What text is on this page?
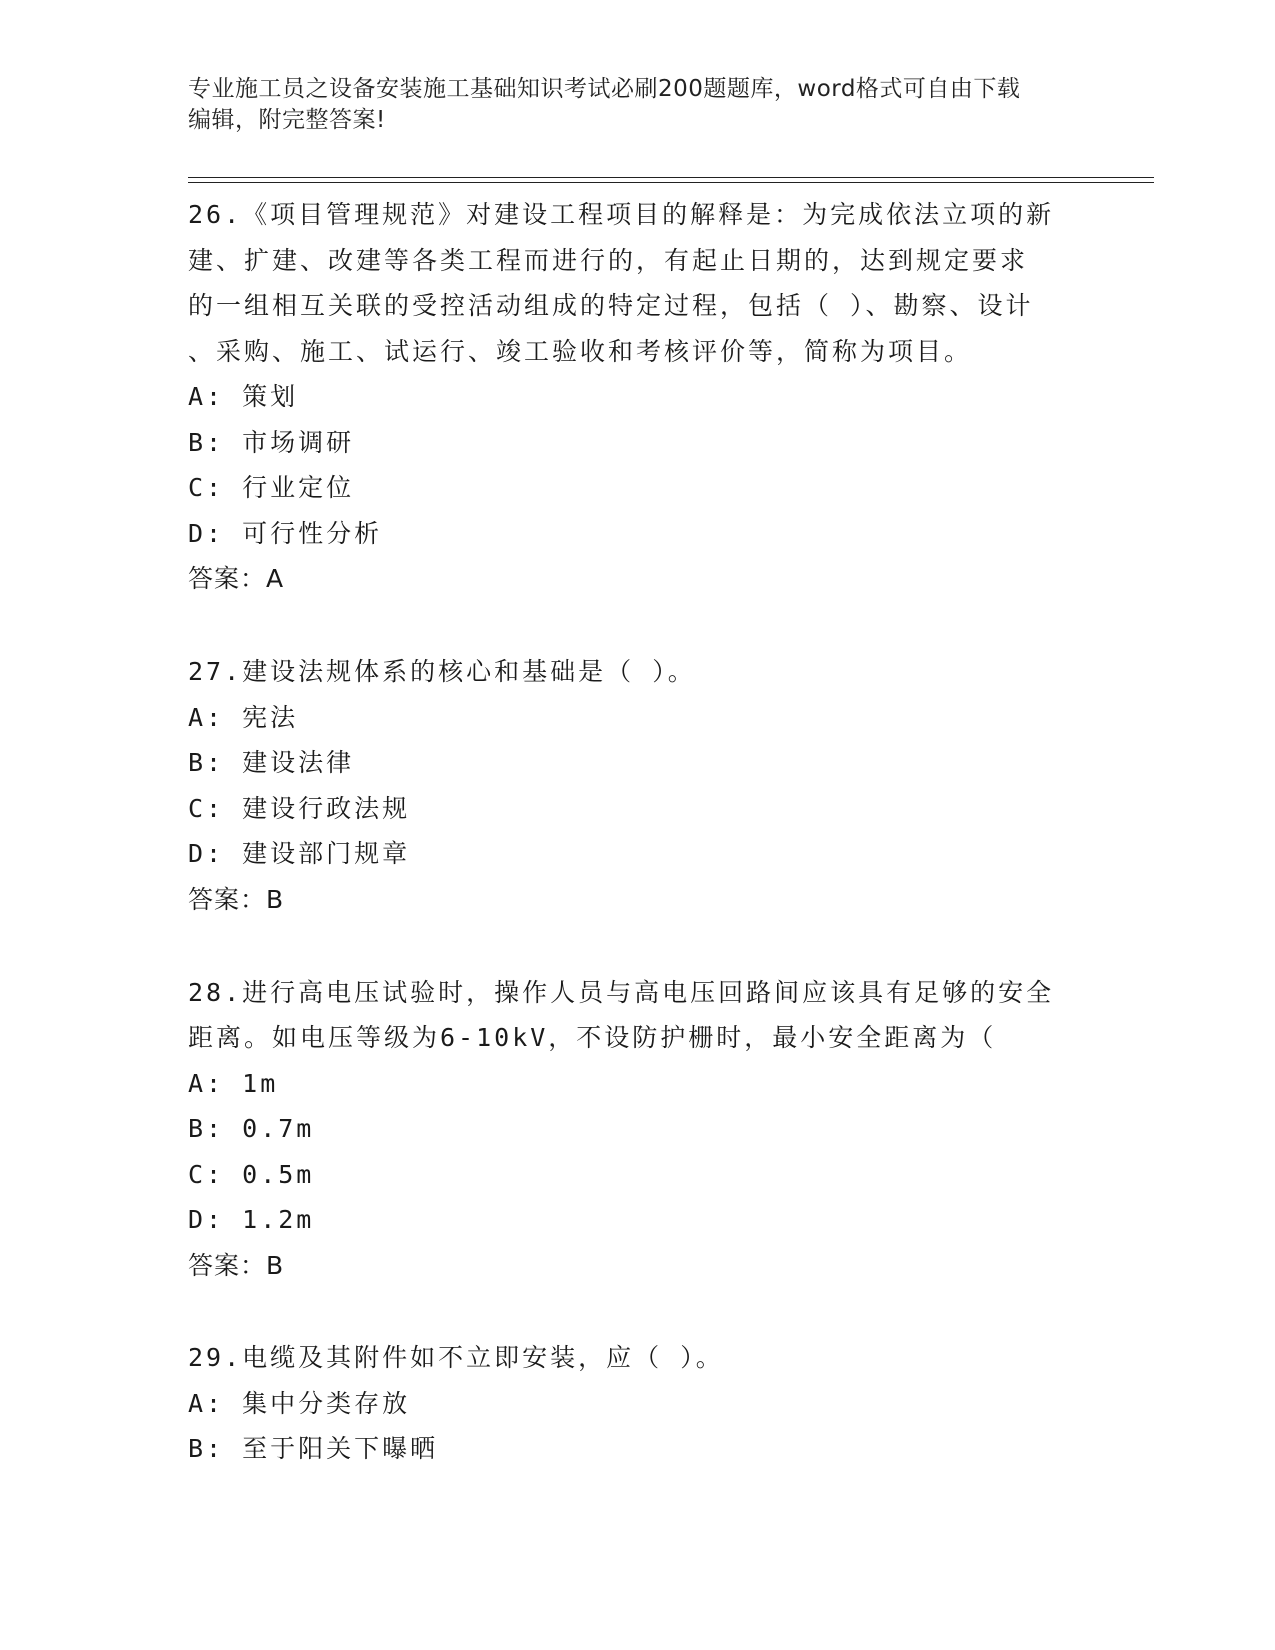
专业施工员之设备安装施工基础知识考试必刷200题题库，word格式可自由下载
编辑，附完整答案!
26.《项目管理规范》对建设工程项目的解释是：为完成依法立项的新
建、扩建、改建等各类工程而进行的，有起止日期的，达到规定要求
的一组相互关联的受控活动组成的特定过程，包括（ ）、勘察、设计
、采购、施工、试运行、竣工验收和考核评价等，简称为项目。
A: 策划
B: 市场调研
C: 行业定位
D: 可行性分析
答案：A
27.建设法规体系的核心和基础是（ ）。
A: 宪法
B: 建设法律
C: 建设行政法规
D: 建设部门规章
答案：B
28.进行高电压试验时，操作人员与高电压回路间应该具有足够的安全
距离。如电压等级为6-10kV，不设防护栅时，最小安全距离为（
A: 1m
B: 0.7m
C: 0.5m
D: 1.2m
答案：B
29.电缆及其附件如不立即安装，应（ ）。
A: 集中分类存放
B: 至于阳关下曝晒
